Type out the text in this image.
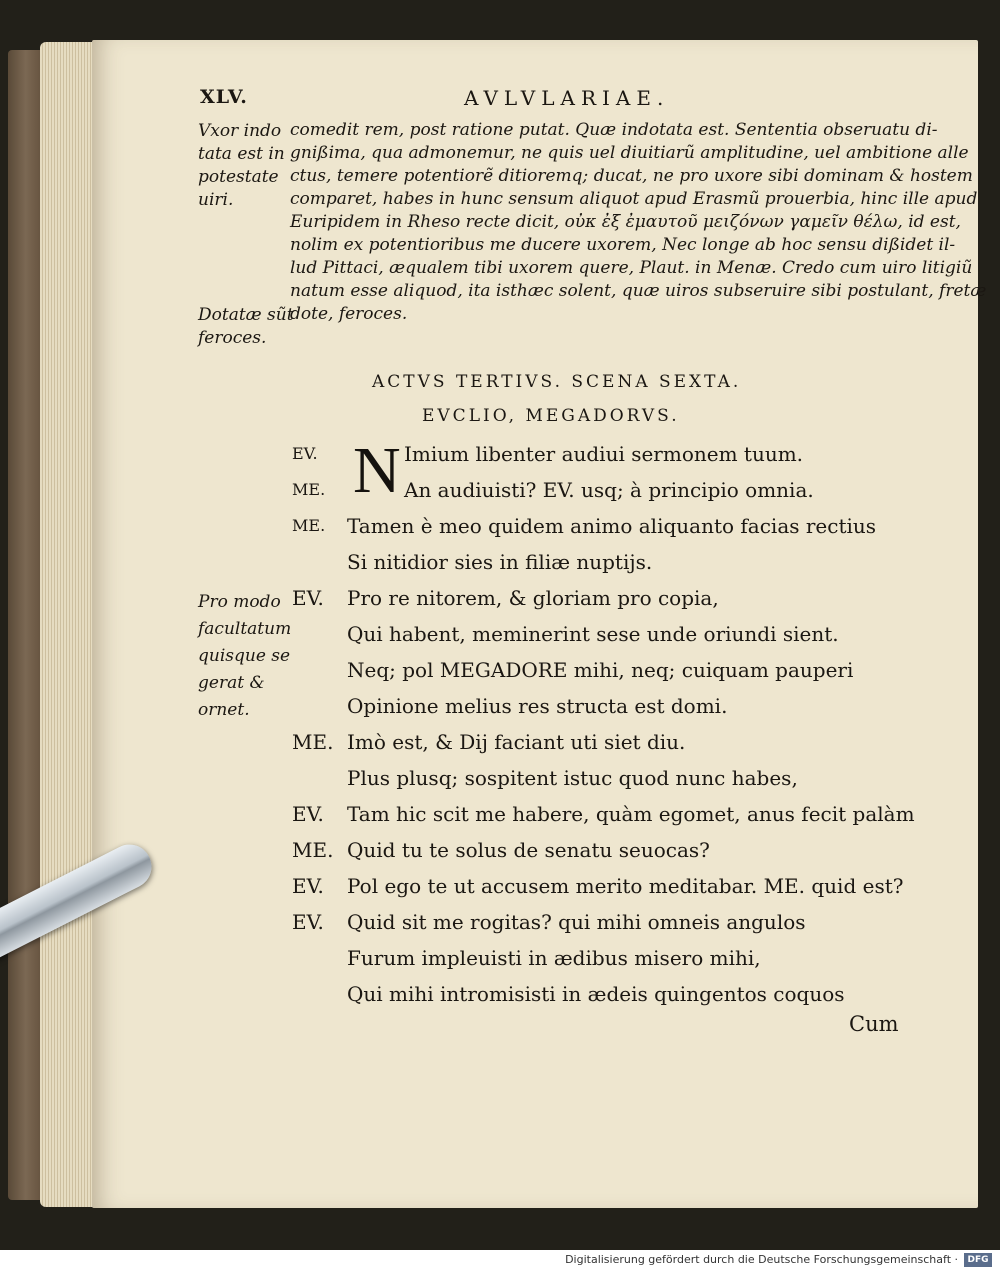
XLV.	AVLVLARIAE.
Vxor indo
tata est in
potestate
uiri.
comedit rem, post ratione putat. Quæ indotata est. Sententia obseruatu di-
gnißima, qua admonemur, ne quis uel diuitiarũ amplitudine, uel ambitione alle
ctus, temere potentiorẽ ditioremq; ducat, ne pro uxore sibi dominam & hostem
comparet, habes in hunc sensum aliquot apud Erasmũ prouerbia, hinc ille apud
Euripidem in Rheso recte dicit, οὐκ ἐξ ἐμαυτοῦ μειζόνων γαμεῖν θέλω, id est,
nolim ex potentioribus me ducere uxorem, Nec longe ab hoc sensu dißidet il-
lud Pittaci, æqualem tibi uxorem quere, Plaut. in Menæ. Credo cum uiro litigiũ
natum esse aliquod, ita isthæc solent, quæ uiros subseruire sibi postulant, fretæ
dote, feroces.
Dotatæ sũt
feroces.
ACTVS TERTIVS. SCENA SEXTA.
EVCLIO, MEGADORVS.
N
Pro modo
facultatum
quisque se
gerat &
ornet.
EV.	Imium libenter audiui sermonem tuum.
ME.	An audiuisti? EV. usq; à principio omnia.
ME. Tamen è meo quidem animo aliquanto facias rectius
Si nitidior sies in filiæ nuptijs.
EV. Pro re nitorem, & gloriam pro copia,
Qui habent, meminerint sese unde oriundi sient.
Neq; pol MEGADORE mihi, neq; cuiquam pauperi
Opinione melius res structa est domi.
ME. Imò est, & Dij faciant uti siet diu.
Plus plusq; sospitent istuc quod nunc habes,
EV. Tam hic scit me habere, quàm egomet, anus fecit palàm
ME. Quid tu te solus de senatu seuocas?
EV. Pol ego te ut accusem merito meditabar. ME. quid est?
EV. Quid sit me rogitas? qui mihi omneis angulos
Furum impleuisti in ædibus misero mihi,
Qui mihi intromisisti in ædeis quingentos coquos
Cum
Digitalisierung gefördert durch die Deutsche Forschungsgemeinschaft ·	DFG
